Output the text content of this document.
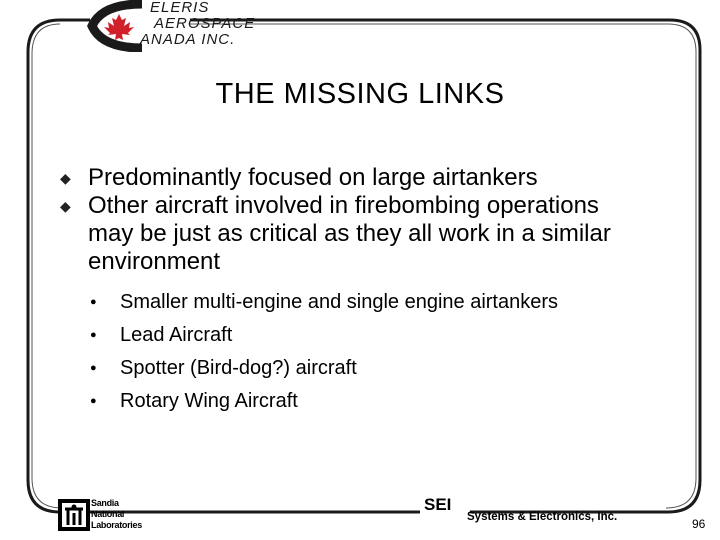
ELERIS
AEROSPACE
ANADA INC.
THE MISSING LINKS
◆ Predominantly focused on large airtankers
◆ Other aircraft involved in firebombing operations may be just as critical as they all work in a similar environment
● Smaller multi-engine and single engine airtankers
● Lead Aircraft
● Spotter (Bird-dog?) aircraft
● Rotary Wing Aircraft
Sandia
National
Laboratories
SEI
Systems & Electronics, Inc.	96
